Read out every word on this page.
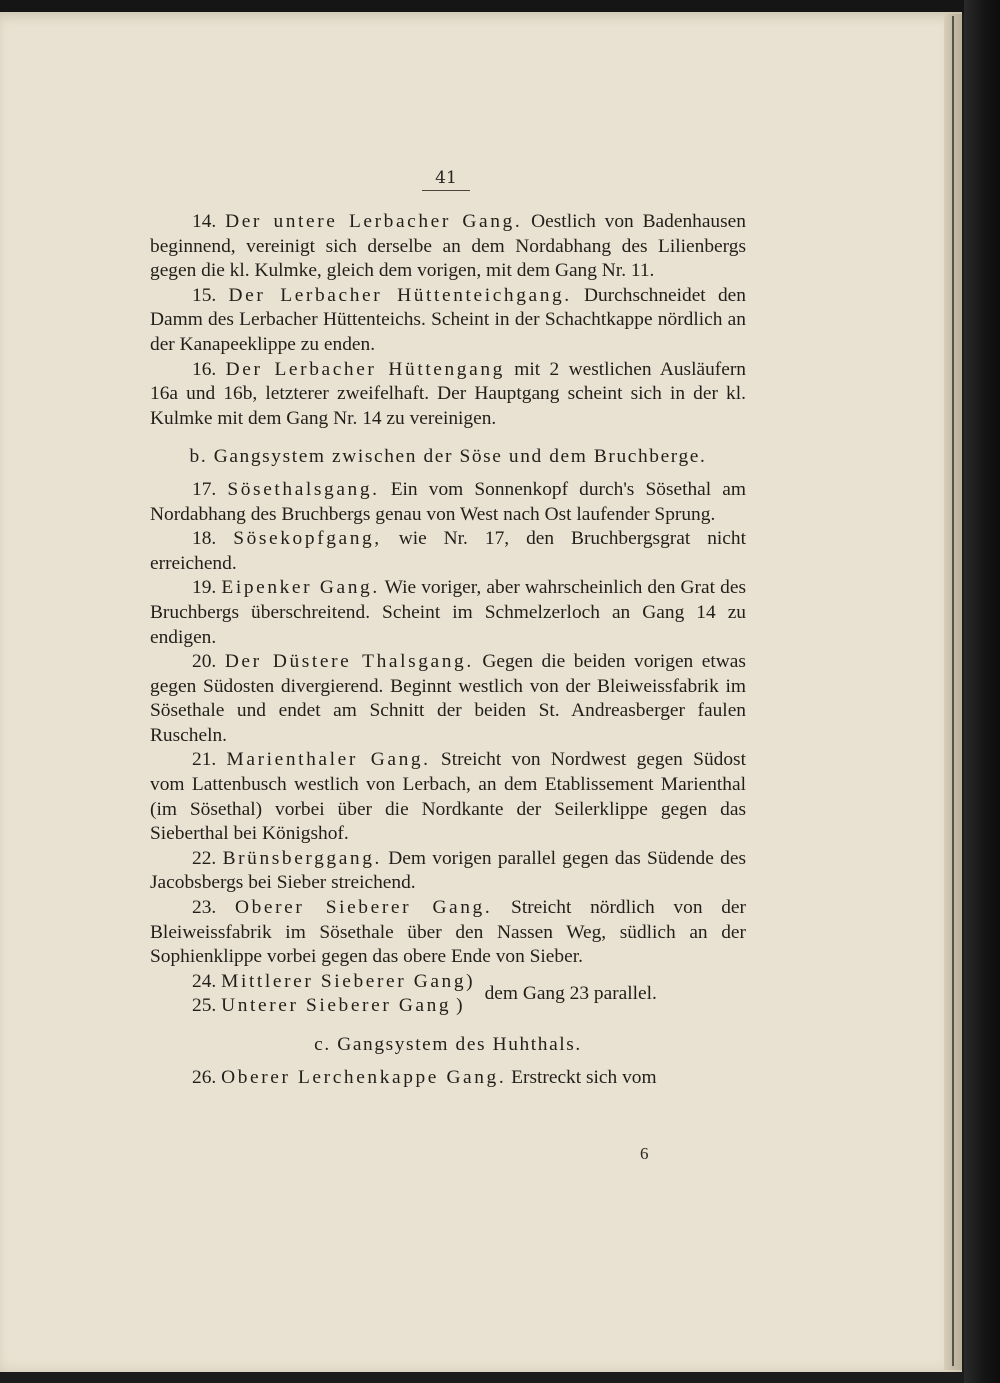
41

14. Der untere Lerbacher Gang. Oestlich von Badenhausen beginnend, vereinigt sich derselbe an dem Nordabhang des Lilienbergs gegen die kl. Kulmke, gleich dem vorigen, mit dem Gang Nr. 11.

15. Der Lerbacher Hüttenteichgang. Durchschneidet den Damm des Lerbacher Hüttenteichs. Scheint in der Schachtkappe nördlich an der Kanapeeklippe zu enden.

16. Der Lerbacher Hüttengang mit 2 westlichen Ausläufern 16a und 16b, letzterer zweifelhaft. Der Hauptgang scheint sich in der kl. Kulmke mit dem Gang Nr. 14 zu vereinigen.

b. Gangsystem zwischen der Söse und dem Bruchberge.

17. Sösethalsgang. Ein vom Sonnenkopf durch's Sösethal am Nordabhang des Bruchbergs genau von West nach Ost laufender Sprung.

18. Sösekopfgang, wie Nr. 17, den Bruchbergsgrat nicht erreichend.

19. Eipenker Gang. Wie voriger, aber wahrscheinlich den Grat des Bruchbergs überschreitend. Scheint im Schmelzerloch an Gang 14 zu endigen.

20. Der Düstere Thalsgang. Gegen die beiden vorigen etwas gegen Südosten divergierend. Beginnt westlich von der Bleiweissfabrik im Sösethale und endet am Schnitt der beiden St. Andreasberger faulen Ruscheln.

21. Marienthaler Gang. Streicht von Nordwest gegen Südost vom Lattenbusch westlich von Lerbach, an dem Etablissement Marienthal (im Sösethal) vorbei über die Nordkante der Seilerklippe gegen das Sieberthal bei Königshof.

22. Brünsberggang. Dem vorigen parallel gegen das Südende des Jacobsbergs bei Sieber streichend.

23. Oberer Sieberer Gang. Streicht nördlich von der Bleiweissfabrik im Sösethale über den Nassen Weg, südlich an der Sophienklippe vorbei gegen das obere Ende von Sieber.

24. Mittlerer Sieberer Gang)
25. Unterer Sieberer Gang )
dem Gang 23 parallel.

c. Gangsystem des Huhthals.

26. Oberer Lerchenkappe Gang. Erstreckt sich vom

6
